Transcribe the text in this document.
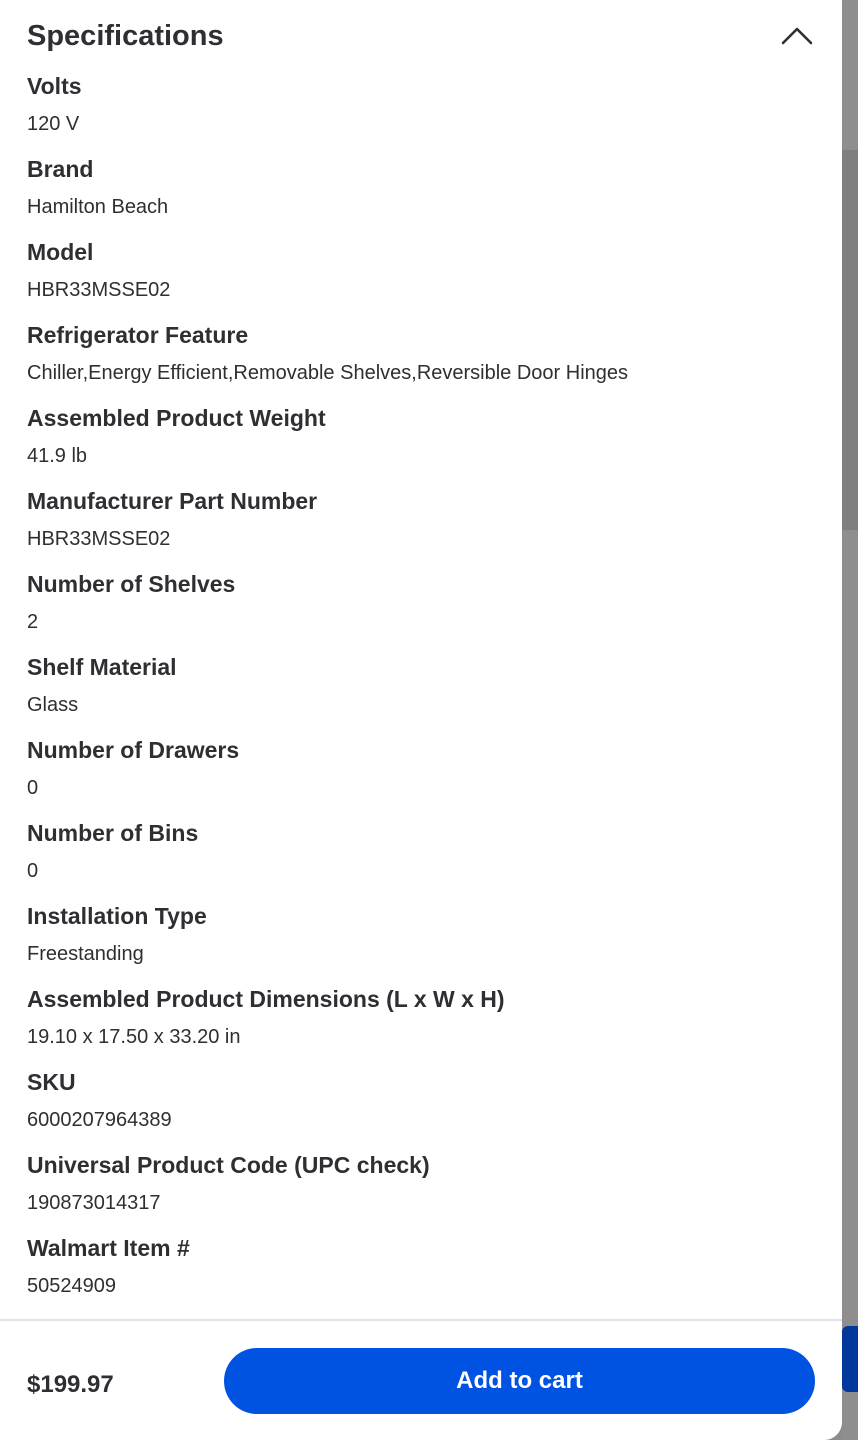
Specifications
Volts
120 V
Brand
Hamilton Beach
Model
HBR33MSSE02
Refrigerator Feature
Chiller,Energy Efficient,Removable Shelves,Reversible Door Hinges
Assembled Product Weight
41.9 lb
Manufacturer Part Number
HBR33MSSE02
Number of Shelves
2
Shelf Material
Glass
Number of Drawers
0
Number of Bins
0
Installation Type
Freestanding
Assembled Product Dimensions (L x W x H)
19.10 x 17.50 x 33.20 in
SKU
6000207964389
Universal Product Code (UPC check)
190873014317
Walmart Item #
50524909
$199.97	Add to cart
